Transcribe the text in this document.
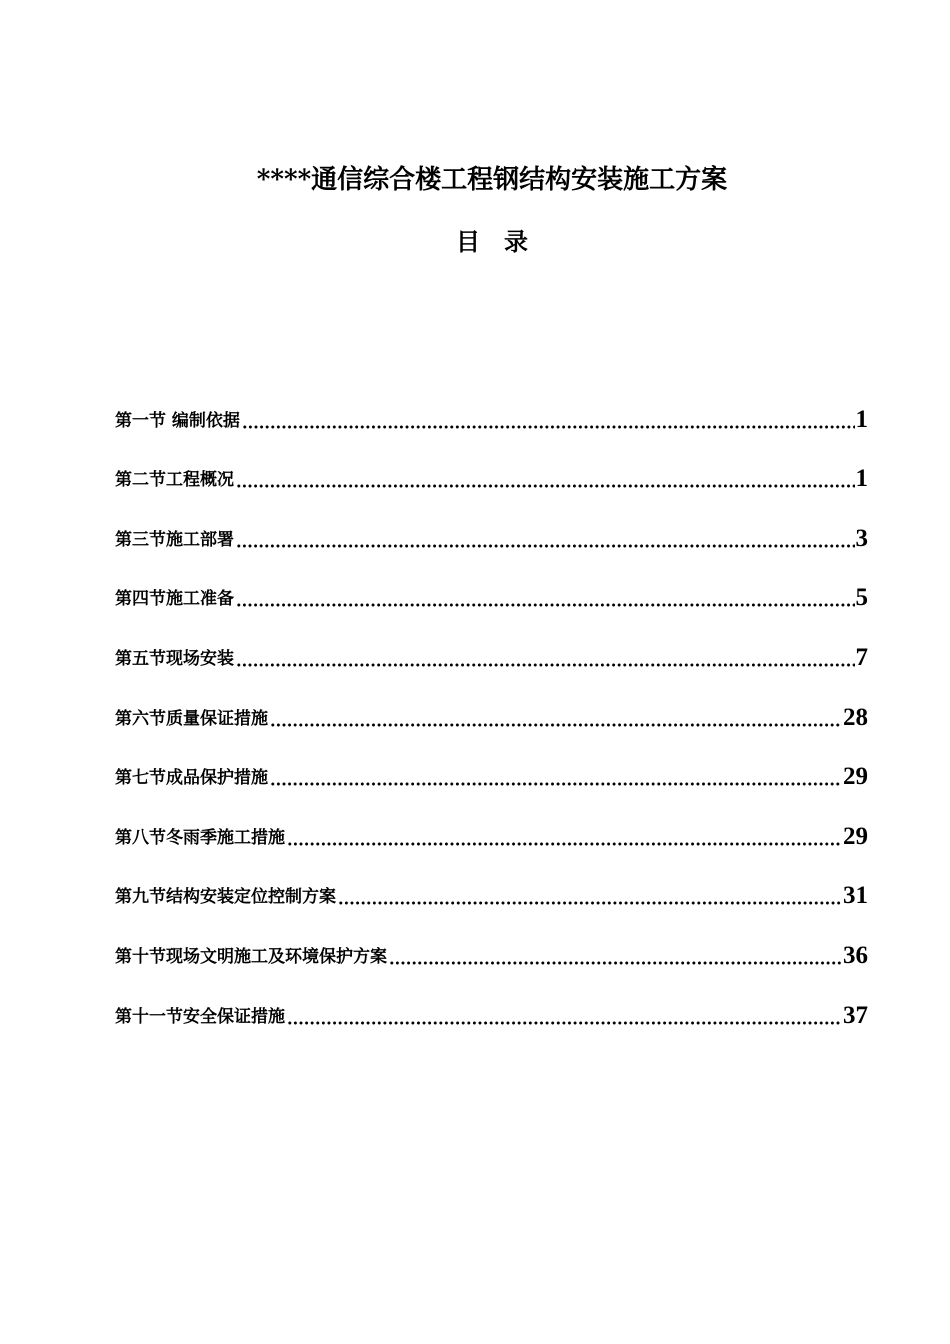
****通信综合楼工程钢结构安装施工方案
目 录
第一节 编制依据	1
第二节工程概况	1
第三节施工部署	3
第四节施工准备	5
第五节现场安装	7
第六节质量保证措施	28
第七节成品保护措施	29
第八节冬雨季施工措施	29
第九节结构安装定位控制方案	31
第十节现场文明施工及环境保护方案	36
第十一节安全保证措施	37
